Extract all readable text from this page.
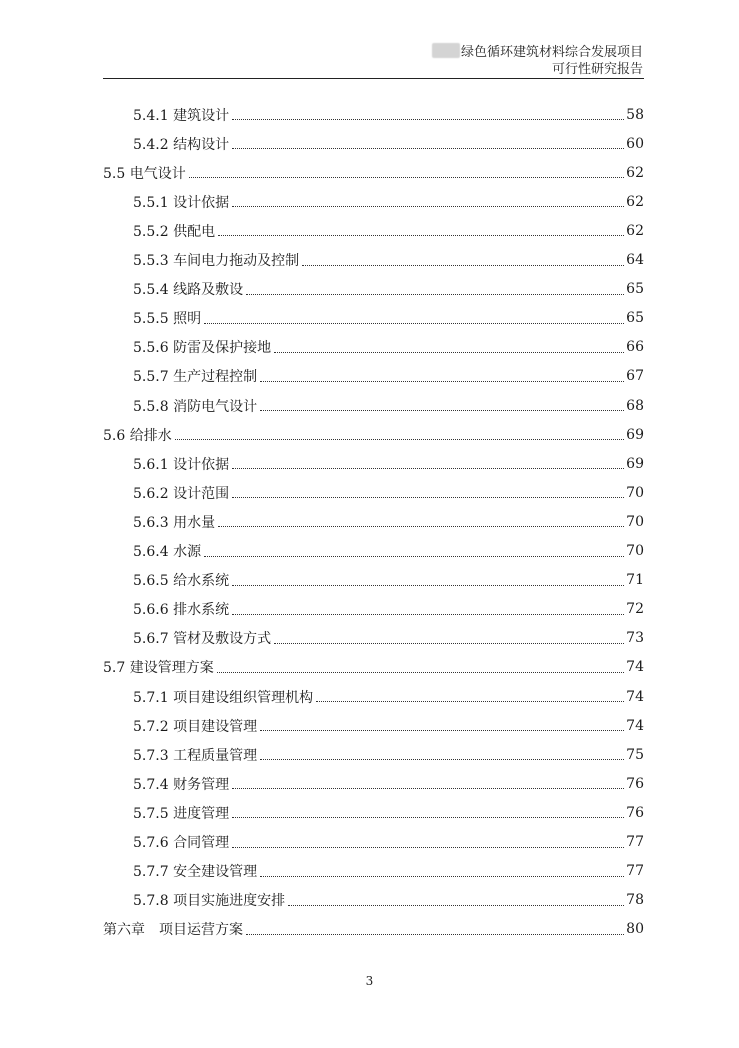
绿色循环建筑材料综合发展项目
可行性研究报告
5.4.1 建筑设计	58
5.4.2 结构设计	60
5.5 电气设计	62
5.5.1 设计依据	62
5.5.2 供配电	62
5.5.3 车间电力拖动及控制	64
5.5.4 线路及敷设	65
5.5.5 照明	65
5.5.6 防雷及保护接地	66
5.5.7 生产过程控制	67
5.5.8 消防电气设计	68
5.6 给排水	69
5.6.1 设计依据	69
5.6.2 设计范围	70
5.6.3 用水量	70
5.6.4 水源	70
5.6.5 给水系统	71
5.6.6 排水系统	72
5.6.7 管材及敷设方式	73
5.7 建设管理方案	74
5.7.1 项目建设组织管理机构	74
5.7.2 项目建设管理	74
5.7.3 工程质量管理	75
5.7.4 财务管理	76
5.7.5 进度管理	76
5.7.6 合同管理	77
5.7.7 安全建设管理	77
5.7.8 项目实施进度安排	78
第六章　项目运营方案	80
3
